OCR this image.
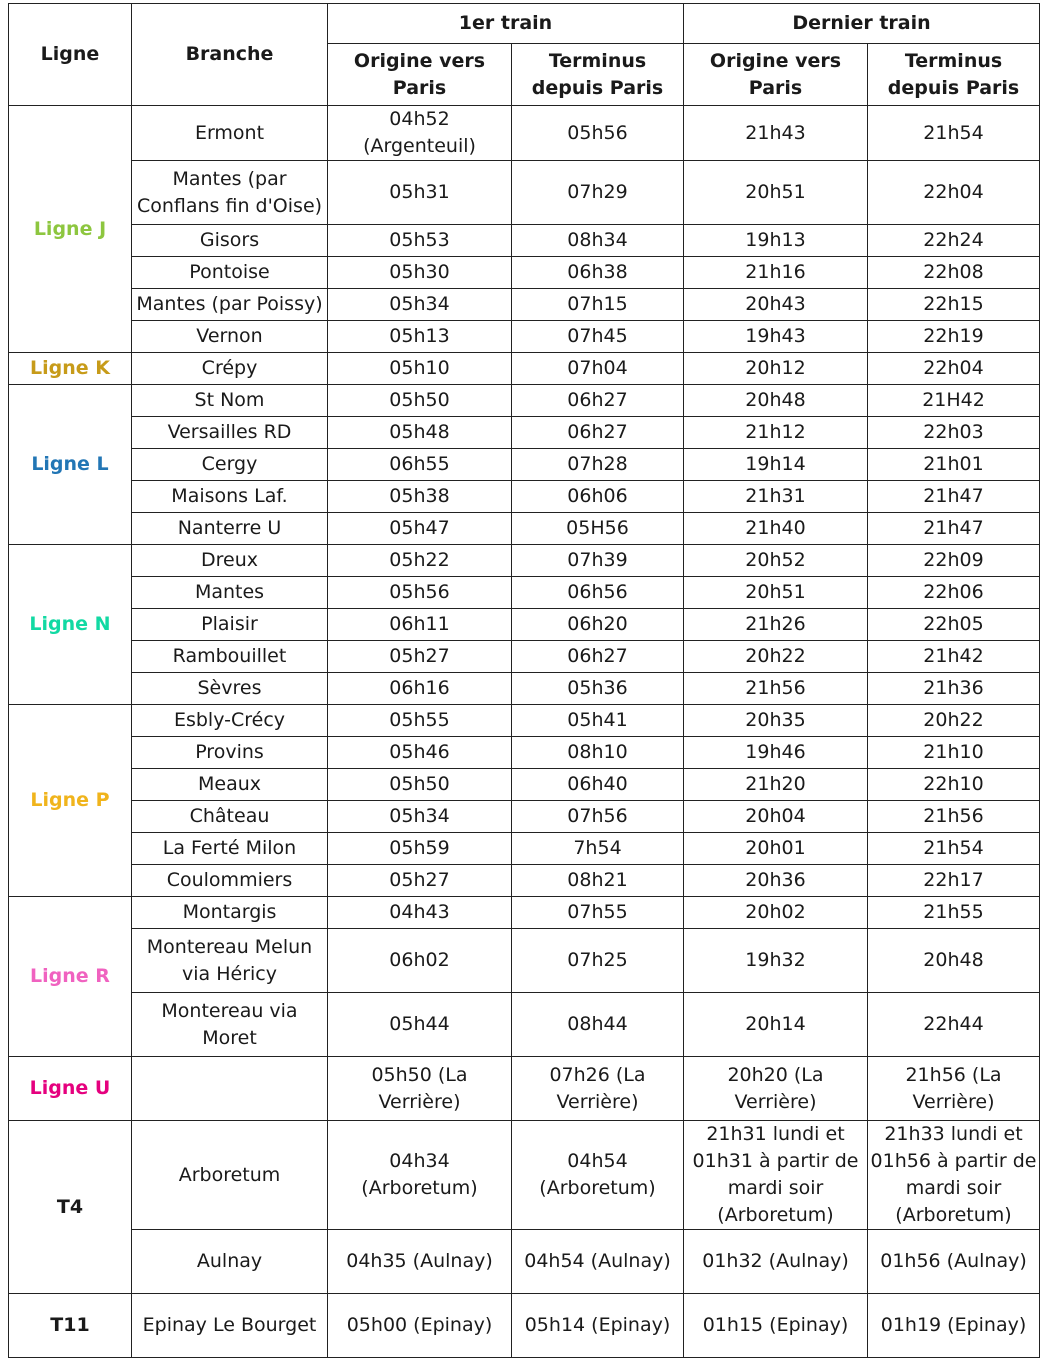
Ligne	Branche	1er train		Dernier train	
		Origine vers Paris	Terminus depuis Paris	Origine vers Paris	Terminus depuis Paris
Ligne J	Ermont	04h52 (Argenteuil)	05h56	21h43	21h54
	Mantes (par Conflans fin d'Oise)	05h31	07h29	20h51	22h04
	Gisors	05h53	08h34	19h13	22h24
	Pontoise	05h30	06h38	21h16	22h08
	Mantes (par Poissy)	05h34	07h15	20h43	22h15
	Vernon	05h13	07h45	19h43	22h19
Ligne K	Crépy	05h10	07h04	20h12	22h04
Ligne L	St Nom	05h50	06h27	20h48	21H42
	Versailles RD	05h48	06h27	21h12	22h03
	Cergy	06h55	07h28	19h14	21h01
	Maisons Laf.	05h38	06h06	21h31	21h47
	Nanterre U	05h47	05H56	21h40	21h47
Ligne N	Dreux	05h22	07h39	20h52	22h09
	Mantes	05h56	06h56	20h51	22h06
	Plaisir	06h11	06h20	21h26	22h05
	Rambouillet	05h27	06h27	20h22	21h42
	Sèvres	06h16	05h36	21h56	21h36
Ligne P	Esbly-Crécy	05h55	05h41	20h35	20h22
	Provins	05h46	08h10	19h46	21h10
	Meaux	05h50	06h40	21h20	22h10
	Château	05h34	07h56	20h04	21h56
	La Ferté Milon	05h59	7h54	20h01	21h54
	Coulommiers	05h27	08h21	20h36	22h17
Ligne R	Montargis	04h43	07h55	20h02	21h55
	Montereau Melun via Héricy	06h02	07h25	19h32	20h48
	Montereau via Moret	05h44	08h44	20h14	22h44
Ligne U		05h50 (La Verrière)	07h26 (La Verrière)	20h20 (La Verrière)	21h56 (La Verrière)
T4	Arboretum	04h34 (Arboretum)	04h54 (Arboretum)	21h31 lundi et 01h31 à partir de mardi soir (Arboretum)	21h33 lundi et 01h56 à partir de mardi soir (Arboretum)
	Aulnay	04h35 (Aulnay)	04h54 (Aulnay)	01h32 (Aulnay)	01h56 (Aulnay)
T11	Epinay Le Bourget	05h00 (Epinay)	05h14 (Epinay)	01h15 (Epinay)	01h19 (Epinay)
